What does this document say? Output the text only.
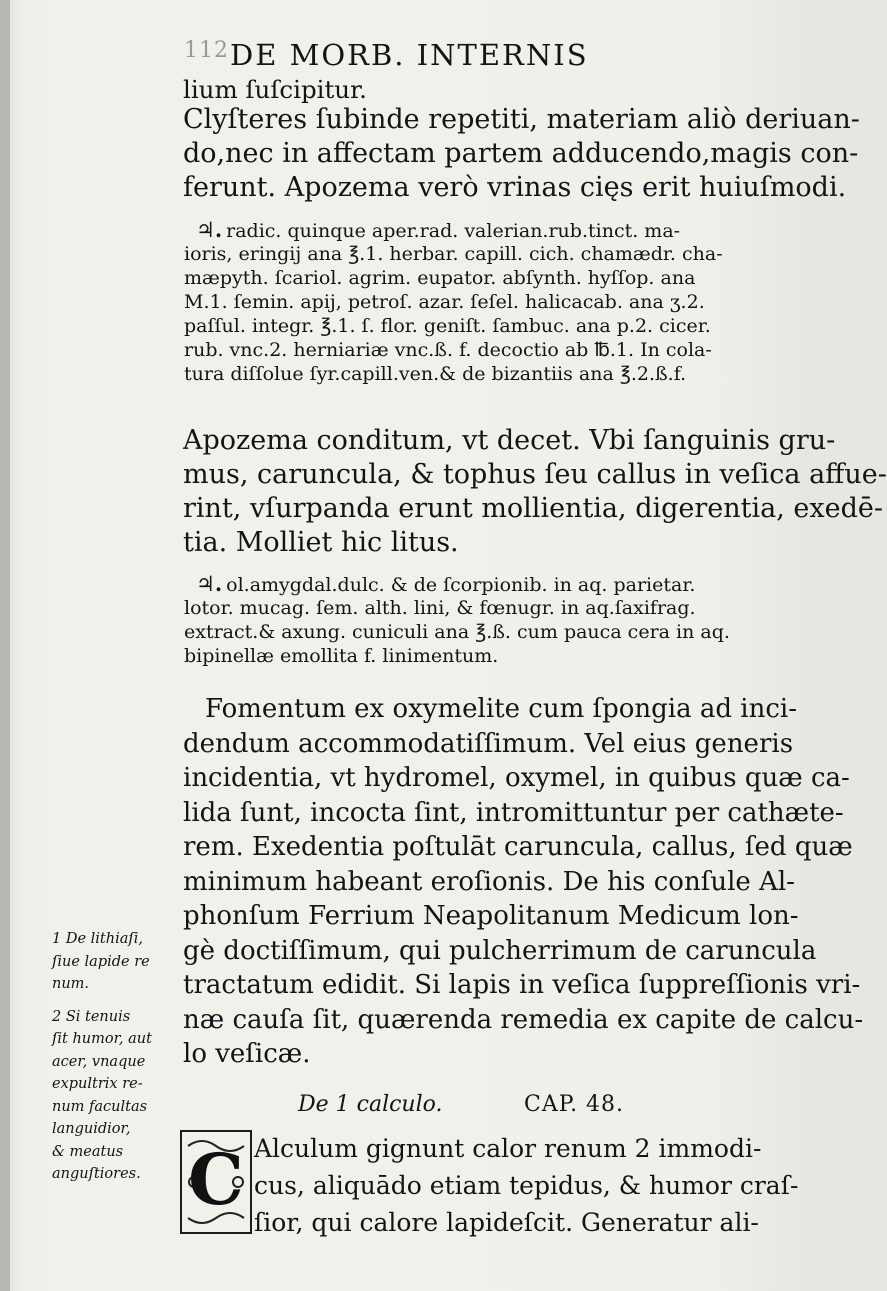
112 DE MORB. INTERNIS
lium ſuſcipitur.
Clyſteres ſubinde repetiti, materiam aliò deriuan-
do,nec in affectam partem adducendo,magis con-
ferunt. Apozema verò vrinas cięs erit huiuſmodi.
♃. radic. quinque aper.rad. valerian.rub.tinct. ma-
ioris, eringij ana ℥.1. herbar. capill. cich. chamædr. cha-
mæpyth. ſcariol. agrim. eupator. abſynth. hyſſop. ana
M.1. ſemin. apij, petroſ. azar. ſeſel. halicacab. ana ʒ.2.
paſſul. integr. ℥.1. ſ. flor. geniſt. ſambuc. ana p.2. cicer.
rub. vnc.2. herniariæ vnc.ß. f. decoctio ab ℔.1. In cola-
tura diſſolue ſyr.capill.ven.& de bizantiis ana ℥.2.ß.f.
Apozema conditum, vt decet. Vbi ſanguinis gru-
mus, caruncula, & tophus ſeu callus in veſica affue-
rint, vſurpanda erunt mollientia, digerentia, exedē-
tia. Molliet hic litus.
♃. ol.amygdal.dulc. & de ſcorpionib. in aq. parietar.
lotor. mucag. ſem. alth. lini, & fœnugr. in aq.ſaxifrag.
extract.& axung. cuniculi ana ℥.ß. cum pauca cera in aq.
bipinellæ emollita f. linimentum.
Fomentum ex oxymelite cum ſpongia ad inci-
dendum accommodatiſſimum. Vel eius generis
incidentia, vt hydromel, oxymel, in quibus quæ ca-
lida ſunt, incocta ſint, intromittuntur per cathæte-
rem. Exedentia poſtulāt caruncula, callus, ſed quæ
minimum habeant eroſionis. De his conſule Al-
phonſum Ferrium Neapolitanum Medicum lon-
gè doctiſſimum, qui pulcherrimum de caruncula
tractatum edidit. Si lapis in veſica ſuppreſſionis vri-
næ cauſa ſit, quærenda remedia ex capite de calcu-
lo veſicæ.
De 1 calculo.	CAP. 48.
C Alculum gignunt calor renum 2 immodi-
cus, aliquādo etiam tepidus, & humor craſ-
ſior, qui calore lapideſcit. Generatur ali-
1 De lithiaſi,
ſiue lapide re
num.
2 Si tenuis
ſit humor, aut
acer, vnaque
expultrix re-
num facultas
languidior,
& meatus
anguſtiores.
